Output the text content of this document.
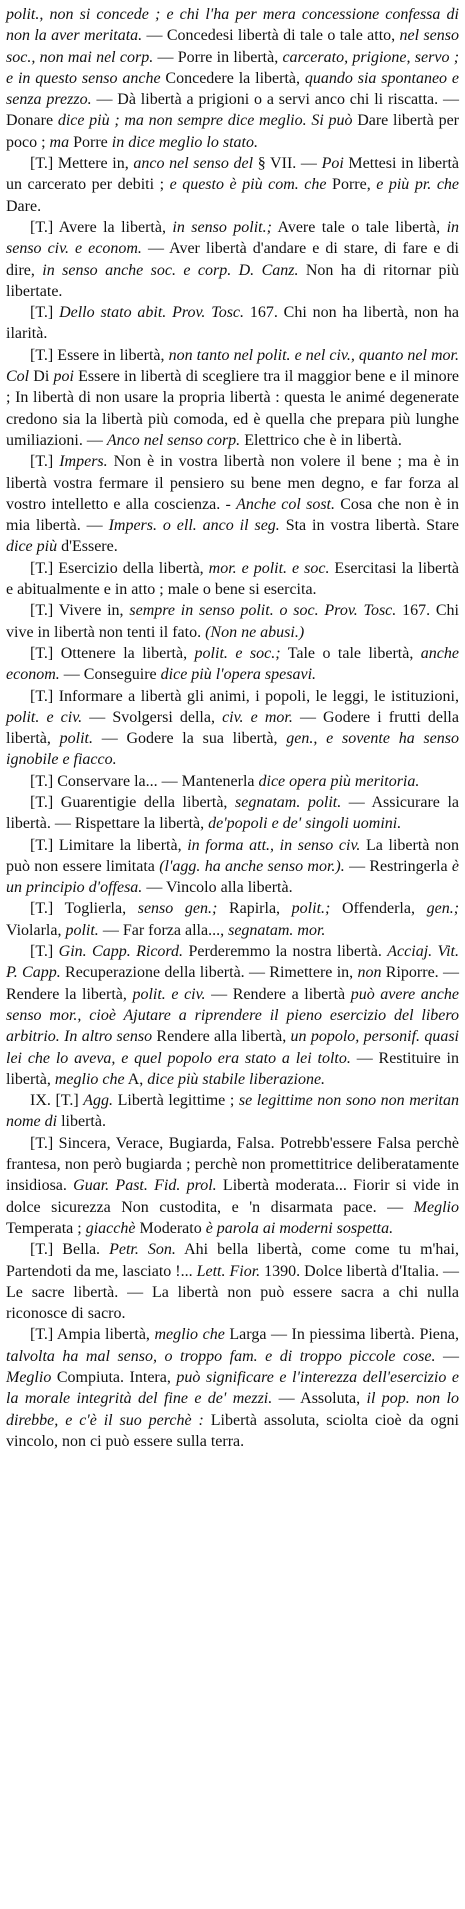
polit., non si concede ; e chi l'ha per mera concessione confessa di non la aver meritata. — Concedesi libertà di tale o tale atto, nel senso soc., non mai nel corp. — Porre in libertà, carcerato, prigione, servo ; e in questo senso anche Concedere la libertà, quando sia spontaneo e senza prezzo. — Dà libertà a prigioni o a servi anco chi li riscatta. — Donare dice più ; ma non sempre dice meglio. Si può Dare libertà per poco ; ma Porre in dice meglio lo stato.

[T.] Mettere in, anco nel senso del § VII. — Poi Mettesi in libertà un carcerato per debiti ; e questo è più com. che Porre, e più pr. che Dare.

[T.] Avere la libertà, in senso polit.; Avere tale o tale libertà, in senso civ. e econom. — Aver libertà d'andare e di stare, di fare e di dire, in senso anche soc. e corp. D. Canz. Non ha di ritornar più libertate.

[T.] Dello stato abit. Prov. Tosc. 167. Chi non ha libertà, non ha ilarità.

[T.] Essere in libertà, non tanto nel polit. e nel civ., quanto nel mor. Col Di poi Essere in libertà di scegliere tra il maggior bene e il minore ; In libertà di non usare la propria libertà : questa le animé degenerate credono sia la libertà più comoda, ed è quella che prepara più lunghe umiliazioni. — Anco nel senso corp. Elettrico che è in libertà.

[T.] Impers. Non è in vostra libertà non volere il bene ; ma è in libertà vostra fermare il pensiero su bene men degno, e far forza al vostro intelletto e alla coscienza. - Anche col sost. Cosa che non è in mia libertà. — Impers. o ell. anco il seg. Sta in vostra libertà. Stare dice più d'Essere.

[T.] Esercizio della libertà, mor. e polit. e soc. Esercitasi la libertà e abitualmente e in atto ; male o bene si esercita.

[T.] Vivere in, sempre in senso polit. o soc. Prov. Tosc. 167. Chi vive in libertà non tenti il fato. (Non ne abusi.)

[T.] Ottenere la libertà, polit. e soc.; Tale o tale libertà, anche econom. — Conseguire dice più l'opera spesavi.

[T.] Informare a libertà gli animi, i popoli, le leggi, le istituzioni, polit. e civ. — Svolgersi della, civ. e mor. — Godere i frutti della libertà, polit. — Godere la sua libertà, gen., e sovente ha senso ignobile e fiacco.

[T.] Conservare la... — Mantenerla dice opera più meritoria.

[T.] Guarentigie della libertà, segnatam. polit. — Assicurare la libertà. — Rispettare la libertà, de'popoli e de' singoli uomini.

[T.] Limitare la libertà, in forma att., in senso civ. La libertà non può non essere limitata (l'agg. ha anche senso mor.). — Restringerla è un principio d'offesa. — Vincolo alla libertà.

[T.] Toglierla, senso gen.; Rapirla, polit.; Offenderla, gen.; Violarla, polit. — Far forza alla..., segnatam. mor.

[T.] Gin. Capp. Ricord. Perderemmo la nostra libertà. Acciaj. Vit. P. Capp. Recuperazione della libertà. — Rimettere in, non Riporre. — Rendere la libertà, polit. e civ. — Rendere a libertà può avere anche senso mor., cioè Ajutare a riprendere il pieno esercizio del libero arbitrio. In altro senso Rendere alla libertà, un popolo, personif. quasi lei che lo aveva, e quel popolo era stato a lei tolto. — Restituire in libertà, meglio che A, dice più stabile liberazione.

IX. [T.] Agg. Libertà legittime ; se legittime non sono non meritan nome di libertà.

[T.] Sincera, Verace, Bugiarda, Falsa. Potrebb'essere Falsa perchè frantesa, non però bugiarda ; perchè non promettitrice deliberatamente insidiosa. Guar. Past. Fid. prol. Libertà moderata... Fiorir si vide in dolce sicurezza Non custodita, e 'n disarmata pace. — Meglio Temperata ; giacchè Moderato è parola ai moderni sospetta.

[T.] Bella. Petr. Son. Ahi bella libertà, come come tu m'hai, Partendoti da me, lasciato !... Lett. Fior. 1390. Dolce libertà d'Italia. — Le sacre libertà. — La libertà non può essere sacra a chi nulla riconosce di sacro.

[T.] Ampia libertà, meglio che Larga — In piessima libertà. Piena, talvolta ha mal senso, o troppo fam. e di troppo piccole cose. — Meglio Compiuta. Intera, può significare e l'interezza dell'esercizio e la morale integrità del fine e de' mezzi. — Assoluta, il pop. non lo direbbe, e c'è il suo perchè : Libertà assoluta, sciolta cioè da ogni vincolo, non ci può essere sulla terra.
